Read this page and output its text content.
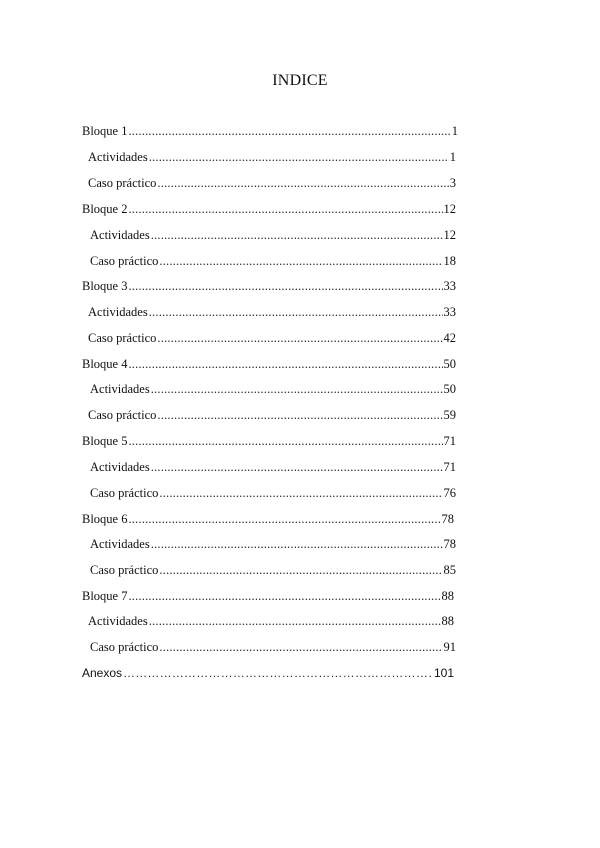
INDICE
Bloque 1 .....	1
Actividades .....	1
Caso práctico .....	3
Bloque 2 .....	12
Actividades .....	12
Caso práctico .....	18
Bloque 3 .....	33
Actividades .....	33
Caso práctico .....	42
Bloque 4 .....	50
Actividades .....	50
Caso práctico .....	59
Bloque 5 .....	71
Actividades .....	71
Caso práctico .....	76
Bloque 6 .....	78
Actividades .....	78
Caso práctico .....	85
Bloque 7 .....	88
Actividades .....	88
Caso práctico .....	91
Anexos …………………………………………………………………………………………	101
